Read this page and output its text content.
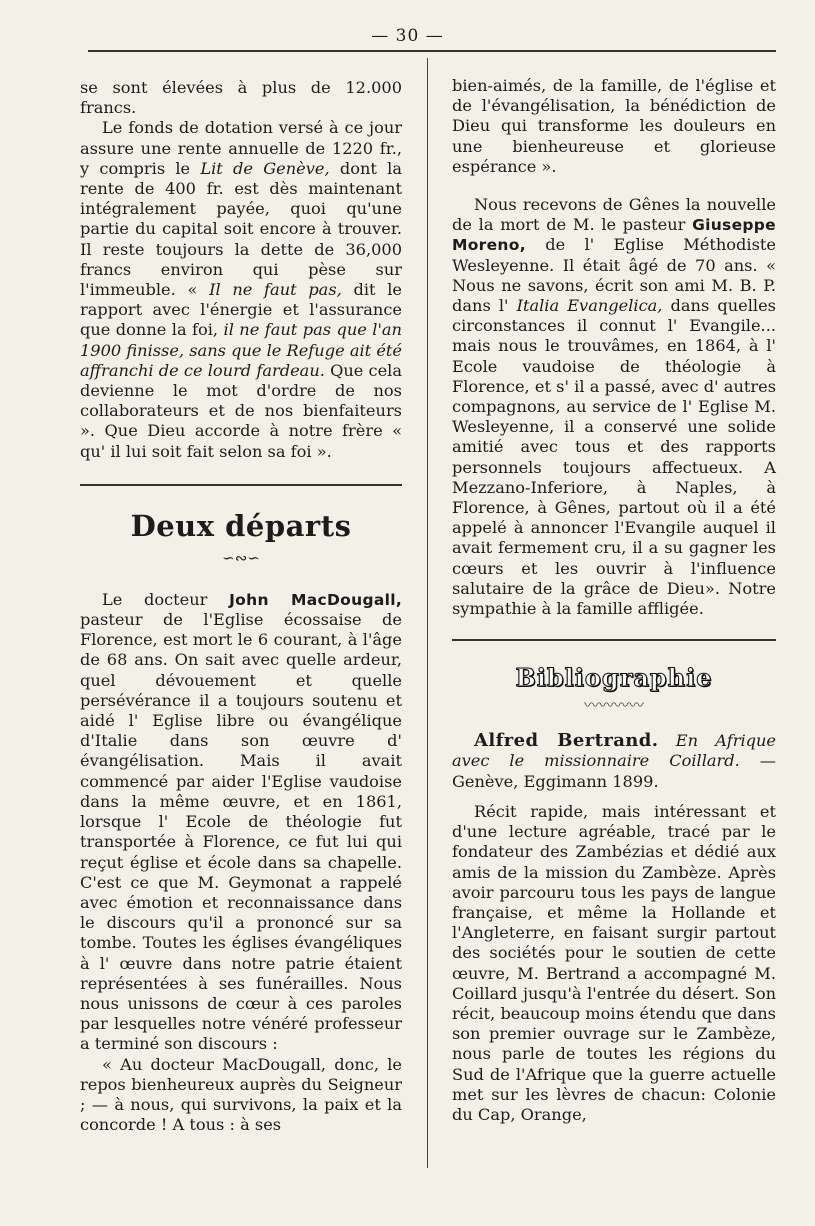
— 30 —

se sont élevées à plus de 12.000 francs.

Le fonds de dotation versé à ce jour assure une rente annuelle de 1220 fr., y compris le Lit de Genève, dont la rente de 400 fr. est dès maintenant intégralement payée, quoi qu'une partie du capital soit encore à trouver. Il reste toujours la dette de 36,000 francs environ qui pèse sur l'immeuble. « Il ne faut pas, dit le rapport avec l'énergie et l'assurance que donne la foi, il ne faut pas que l'an 1900 finisse, sans que le Refuge ait été affranchi de ce lourd fardeau. Que cela devienne le mot d'ordre de nos collaborateurs et de nos bienfaiteurs ». Que Dieu accorde à notre frère « qu' il lui soit fait selon sa foi ».

Deux départs
∽∾∽

Le docteur John MacDougall, pasteur de l'Eglise écossaise de Florence, est mort le 6 courant, à l'âge de 68 ans. On sait avec quelle ardeur, quel dévouement et quelle persévérance il a toujours soutenu et aidé l' Eglise libre ou évangélique d'Italie dans son œuvre d' évangélisation. Mais il avait commencé par aider l'Eglise vaudoise dans la même œuvre, et en 1861, lorsque l' Ecole de théologie fut transportée à Florence, ce fut lui qui reçut église et école dans sa chapelle. C'est ce que M. Geymonat a rappelé avec émotion et reconnaissance dans le discours qu'il a prononcé sur sa tombe. Toutes les églises évangéliques à l' œuvre dans notre patrie étaient représentées à ses funérailles. Nous nous unissons de cœur à ces paroles par lesquelles notre vénéré professeur a terminé son discours :

« Au docteur MacDougall, donc, le repos bienheureux auprès du Seigneur ; — à nous, qui survivons, la paix et la concorde ! A tous : à ses

bien-aimés, de la famille, de l'église et de l'évangélisation, la bénédiction de Dieu qui transforme les douleurs en une bienheureuse et glorieuse espérance ».

Nous recevons de Gênes la nouvelle de la mort de M. le pasteur Giuseppe Moreno, de l' Eglise Méthodiste Wesleyenne. Il était âgé de 70 ans. « Nous ne savons, écrit son ami M. B. P. dans l' Italia Evangelica, dans quelles circonstances il connut l' Evangile... mais nous le trouvâmes, en 1864, à l' Ecole vaudoise de théologie à Florence, et s' il a passé, avec d' autres compagnons, au service de l' Eglise M. Wesleyenne, il a conservé une solide amitié avec tous et des rapports personnels toujours affectueux. A Mezzano-Inferiore, à Naples, à Florence, à Gênes, partout où il a été appelé à annoncer l'Evangile auquel il avait fermement cru, il a su gagner les cœurs et les ouvrir à l'influence salutaire de la grâce de Dieu». Notre sympathie à la famille affligée.

Bibliographie
〰〰〰〰

Alfred Bertrand. En Afrique avec le missionnaire Coillard. — Genève, Eggimann 1899.

Récit rapide, mais intéressant et d'une lecture agréable, tracé par le fondateur des Zambézias et dédié aux amis de la mission du Zambèze. Après avoir parcouru tous les pays de langue française, et même la Hollande et l'Angleterre, en faisant surgir partout des sociétés pour le soutien de cette œuvre, M. Bertrand a accompagné M. Coillard jusqu'à l'entrée du désert. Son récit, beaucoup moins étendu que dans son premier ouvrage sur le Zambèze, nous parle de toutes les régions du Sud de l'Afrique que la guerre actuelle met sur les lèvres de chacun: Colonie du Cap, Orange,
